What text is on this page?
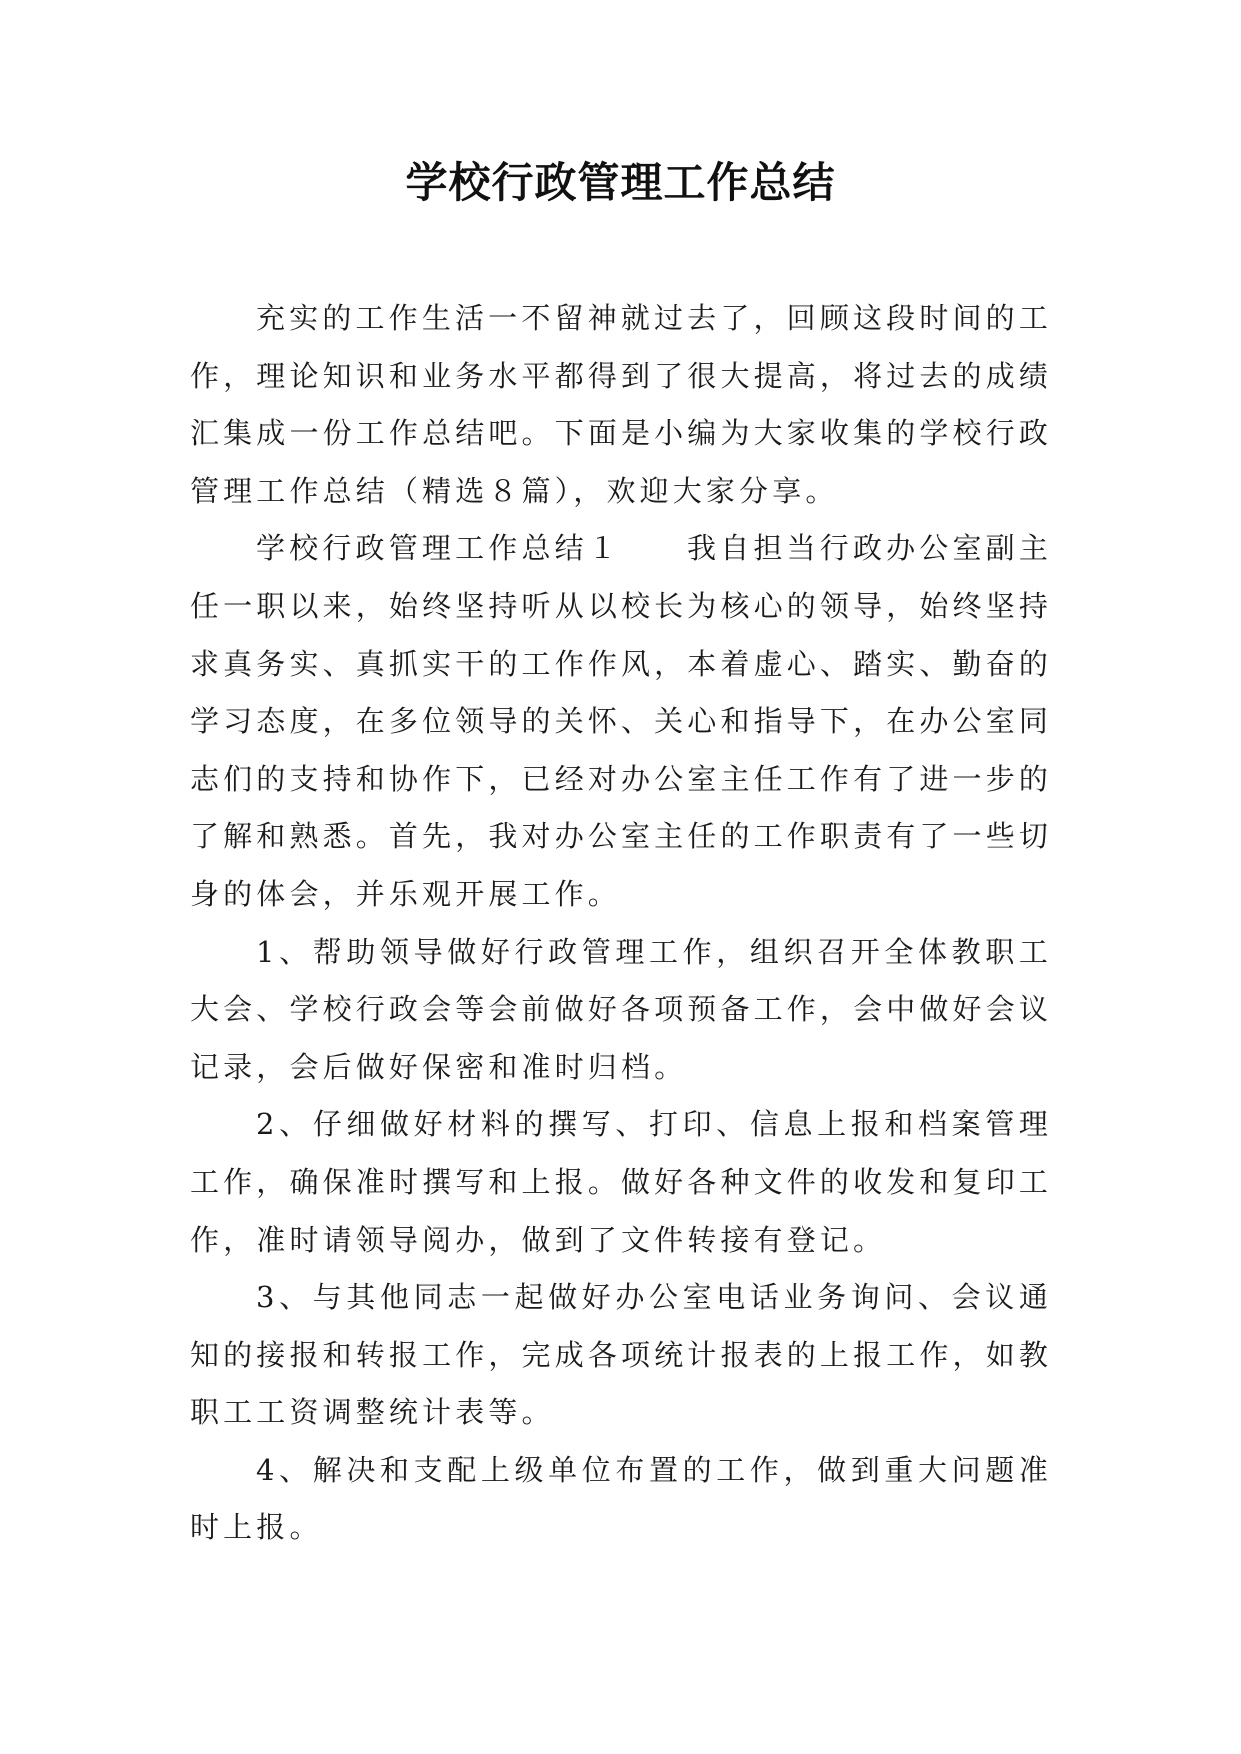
学校行政管理工作总结

充实的工作生活一不留神就过去了，回顾这段时间的工作，理论知识和业务水平都得到了很大提高，将过去的成绩汇集成一份工作总结吧。下面是小编为大家收集的学校行政管理工作总结（精选８篇），欢迎大家分享。

学校行政管理工作总结１ 我自担当行政办公室副主任一职以来，始终坚持听从以校长为核心的领导，始终坚持求真务实、真抓实干的工作作风，本着虚心、踏实、勤奋的学习态度，在多位领导的关怀、关心和指导下，在办公室同志们的支持和协作下，已经对办公室主任工作有了进一步的了解和熟悉。首先，我对办公室主任的工作职责有了一些切身的体会，并乐观开展工作。

1、帮助领导做好行政管理工作，组织召开全体教职工大会、学校行政会等会前做好各项预备工作，会中做好会议记录，会后做好保密和准时归档。

2、仔细做好材料的撰写、打印、信息上报和档案管理工作，确保准时撰写和上报。做好各种文件的收发和复印工作，准时请领导阅办，做到了文件转接有登记。

3、与其他同志一起做好办公室电话业务询问、会议通知的接报和转报工作，完成各项统计报表的上报工作，如教职工工资调整统计表等。

4、解决和支配上级单位布置的工作，做到重大问题准时上报。
